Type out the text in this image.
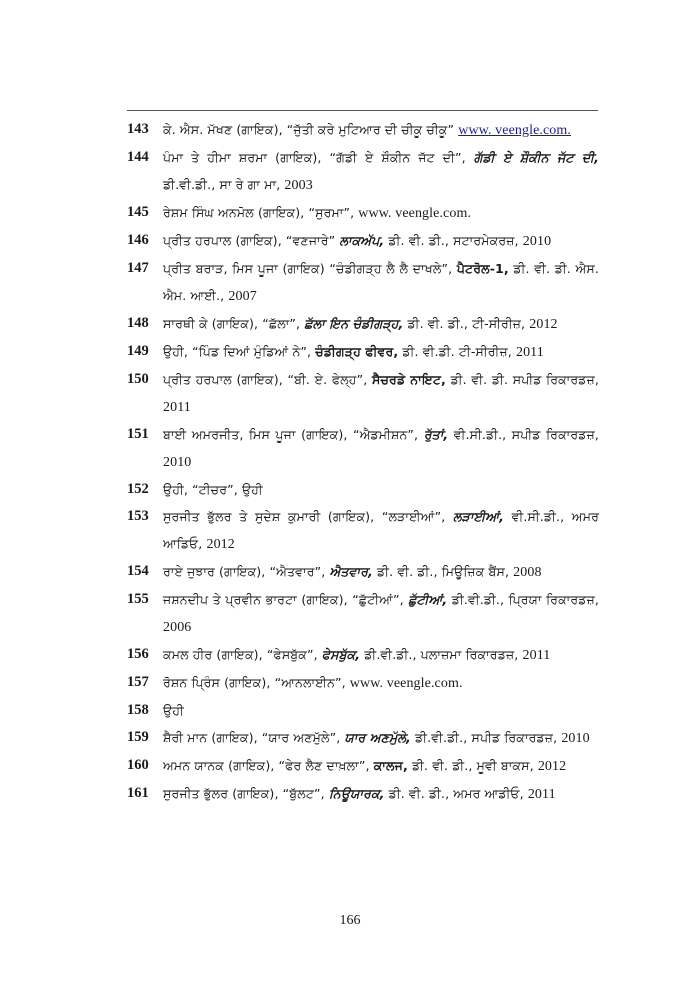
143	ਕੇ. ਐਸ. ਮੱਖਣ (ਗਾਇਕ), “ਜੁੱਤੀ ਕਰੇ ਮੁਟਿਆਰ ਦੀ ਚੀਕੂ ਚੀਕੂ” www. veengle.com.
144	ਪੰਮਾ ਤੇ ਹੀਮਾ ਸ਼ਰਮਾ (ਗਾਇਕ), “ਗੱਡੀ ਏ ਸ਼ੌਕੀਨ ਜੱਟ ਦੀ”, ਗੱਡੀ ਏ ਸ਼ੌਕੀਨ ਜੱਟ ਦੀ, ਡੀ.ਵੀ.ਡੀ., ਸਾ ਰੇ ਗਾ ਮਾ, 2003
145	ਰੇਸ਼ਮ ਸਿੰਘ ਅਨਮੋਲ (ਗਾਇਕ), “ਸੁਰਮਾ”, www. veengle.com.
146	ਪ੍ਰੀਤ ਹਰਪਾਲ (ਗਾਇਕ), “ਵਣਜਾਰੇ” ਲਾਕਅੱਪ, ਡੀ. ਵੀ. ਡੀ., ਸਟਾਰਮੇਕਰਜ਼, 2010
147	ਪ੍ਰੀਤ ਬਰਾੜ, ਮਿਸ ਪੂਜਾ (ਗਾਇਕ) “ਚੰਡੀਗੜ੍ਹ ਲੈ ਲੈ ਦਾਖਲੇ”, ਪੈਟਰੋਲ-1, ਡੀ. ਵੀ. ਡੀ. ਐਸ. ਐਮ. ਆਈ., 2007
148	ਸਾਰਥੀ ਕੇ (ਗਾਇਕ), “ਛੱਲਾ”, ਛੱਲਾ ਇਨ ਚੰਡੀਗੜ੍ਹ, ਡੀ. ਵੀ. ਡੀ., ਟੀ-ਸੀਰੀਜ਼, 2012
149	ਉਹੀ, “ਪਿੰਡ ਦਿਆਂ ਮੁੰਡਿਆਂ ਨੇ”, ਚੰਡੀਗੜ੍ਹ ਫੀਵਰ, ਡੀ. ਵੀ.ਡੀ. ਟੀ-ਸੀਰੀਜ਼, 2011
150	ਪ੍ਰੀਤ ਹਰਪਾਲ (ਗਾਇਕ), “ਬੀ. ਏ. ਫੇਲ੍ਹ”, ਸੈਚਰਡੇ ਨਾਇਟ, ਡੀ. ਵੀ. ਡੀ. ਸਪੀਡ ਰਿਕਾਰਡਜ਼, 2011
151	ਬਾਈ ਅਮਰਜੀਤ, ਮਿਸ ਪੂਜਾ (ਗਾਇਕ), “ਐਡਮੀਸ਼ਨ”, ਰੁੱਤਾਂ, ਵੀ.ਸੀ.ਡੀ., ਸਪੀਡ ਰਿਕਾਰਡਜ਼, 2010
152	ਉਹੀ, “ਟੀਚਰ”, ਉਹੀ
153	ਸੁਰਜੀਤ ਭੁੱਲਰ ਤੇ ਸੁਦੇਸ਼ ਕੁਮਾਰੀ (ਗਾਇਕ), “ਲੜਾਈਆਂ”, ਲੜਾਈਆਂ, ਵੀ.ਸੀ.ਡੀ., ਅਮਰ ਆਡਿਓ, 2012
154	ਰਾਏ ਜੁਝਾਰ (ਗਾਇਕ), “ਐਤਵਾਰ”, ਐਤਵਾਰ, ਡੀ. ਵੀ. ਡੀ., ਮਿਊਜ਼ਿਕ ਬੈਂਸ, 2008
155	ਜਸ਼ਨਦੀਪ ਤੇ ਪ੍ਰਵੀਨ ਭਾਰਟਾ (ਗਾਇਕ), “ਛੁੱਟੀਆਂ”, ਛੁੱਟੀਆਂ, ਡੀ.ਵੀ.ਡੀ., ਪ੍ਰਿਯਾ ਰਿਕਾਰਡਜ਼, 2006
156	ਕਮਲ ਹੀਰ (ਗਾਇਕ), “ਫੇਸਬੁੱਕ”, ਫੇਸਬੁੱਕ, ਡੀ.ਵੀ.ਡੀ., ਪਲਾਜ਼ਮਾ ਰਿਕਾਰਡਜ਼, 2011
157	ਰੋਸ਼ਨ ਪ੍ਰਿੰਸ (ਗਾਇਕ), “ਆਨਲਾਈਨ”, www. veengle.com.
158	ਉਹੀ
159	ਸ਼ੈਰੀ ਮਾਨ (ਗਾਇਕ), “ਯਾਰ ਅਣਮੁੱਲੇ”, ਯਾਰ ਅਣਮੁੱਲੇ, ਡੀ.ਵੀ.ਡੀ., ਸਪੀਡ ਰਿਕਾਰਡਜ਼, 2010
160	ਅਮਨ ਯਾਨਕ (ਗਾਇਕ), “ਫੇਰ ਲੈਣ ਦਾਖ਼ਲਾ”, ਕਾਲਜ, ਡੀ. ਵੀ. ਡੀ., ਮੂਵੀ ਬਾਕਸ, 2012
161	ਸੁਰਜੀਤ ਭੁੱਲਰ (ਗਾਇਕ), “ਬੁੱਲਟ”, ਨਿਊਯਾਰਕ, ਡੀ. ਵੀ. ਡੀ., ਅਮਰ ਆਡੀਓ, 2011
166
